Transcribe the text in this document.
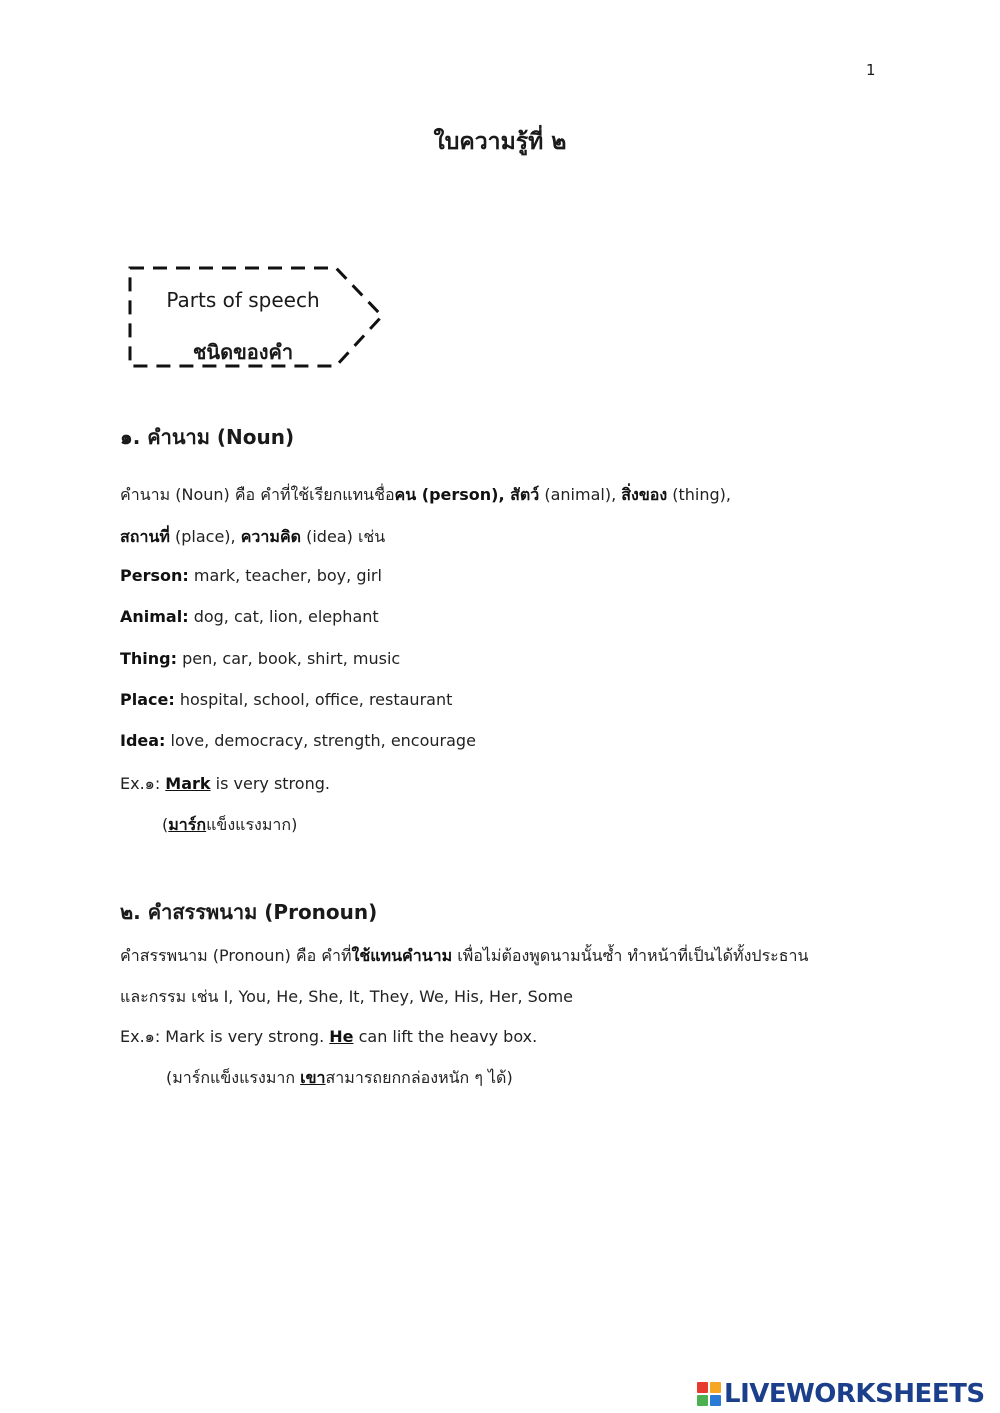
1
ใบความรู้ที่ ๒
Parts of speech
ชนิดของคำ
๑. คำนาม (Noun)
คำนาม (Noun) คือ คำที่ใช้เรียกแทนชื่อคน (person), สัตว์ (animal), สิ่งของ (thing),
สถานที่ (place), ความคิด (idea) เช่น
Person: mark, teacher, boy, girl
Animal: dog, cat, lion, elephant
Thing: pen, car, book, shirt, music
Place: hospital, school, office, restaurant
Idea: love, democracy, strength, encourage
Ex.๑: Mark is very strong.
(มาร์กแข็งแรงมาก)
๒. คำสรรพนาม (Pronoun)
คำสรรพนาม (Pronoun) คือ คำที่ใช้แทนคำนาม เพื่อไม่ต้องพูดนามนั้นซ้ำ ทำหน้าที่เป็นได้ทั้งประธาน
และกรรม เช่น I, You, He, She, It, They, We, His, Her, Some
Ex.๑: Mark is very strong. He can lift the heavy box.
(มาร์กแข็งแรงมาก เขาสามารถยกกล่องหนัก ๆ ได้)
LIVEWORKSHEETS
